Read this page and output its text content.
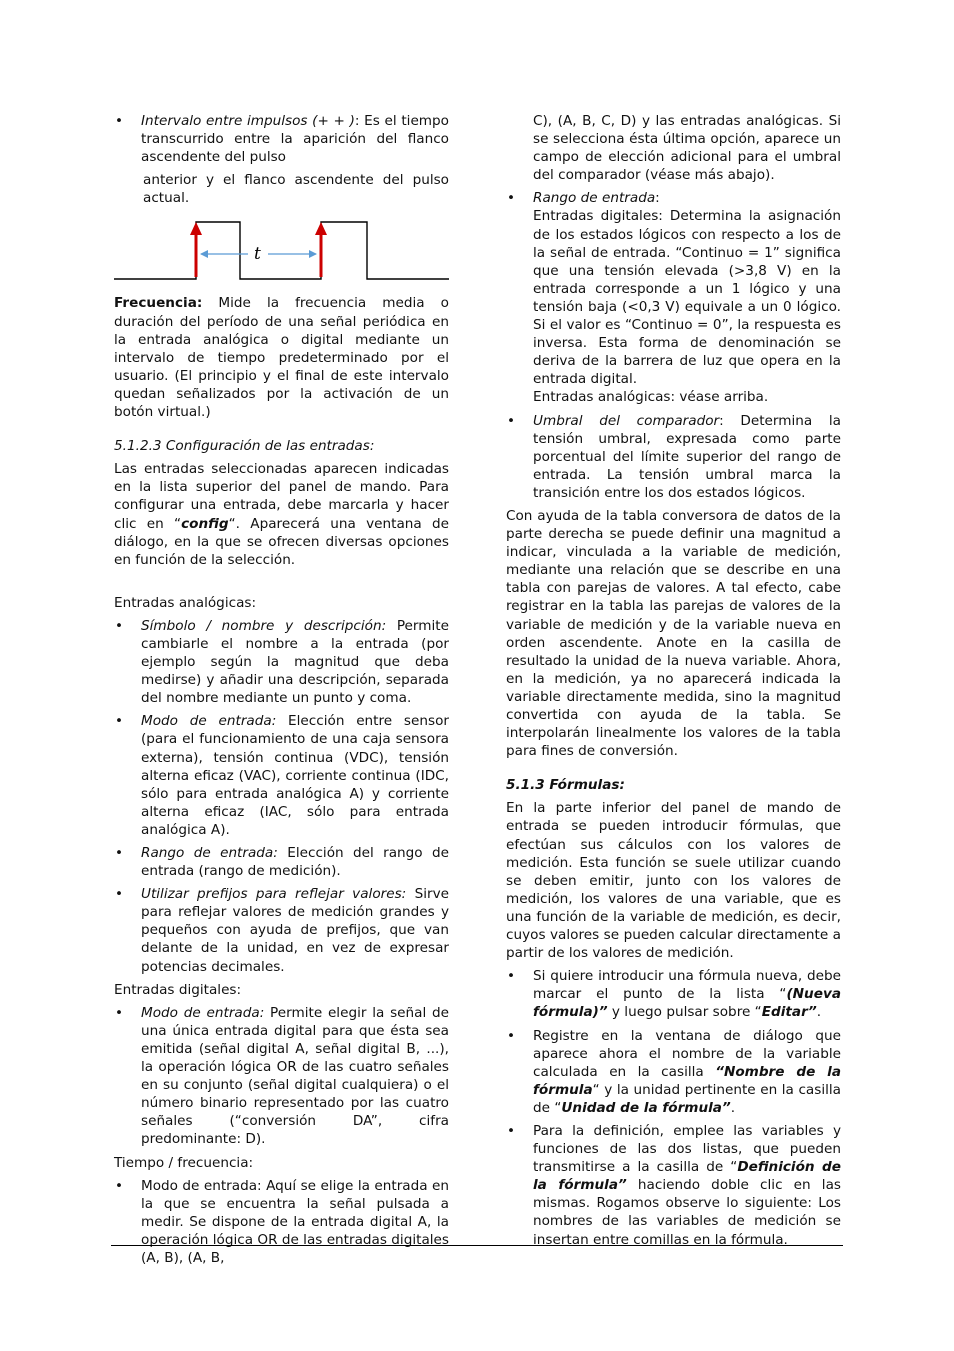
• Intervalo entre impulsos (+ + ): Es el tiempo transcurrido entre la aparición del flanco ascendente del pulso

anterior y el flanco ascendente del pulso actual.

t

Frecuencia: Mide la frecuencia media o duración del período de una señal periódica en la entrada analógica o digital mediante un intervalo de tiempo predeterminado por el usuario. (El principio y el final de este intervalo quedan señalizados por la activación de un botón virtual.)

5.1.2.3 Configuración de las entradas:

Las entradas seleccionadas aparecen indicadas en la lista superior del panel de mando. Para configurar una entrada, debe marcarla y hacer clic en “config“. Aparecerá una ventana de diálogo, en la que se ofrecen diversas opciones en función de la selección.

Entradas analógicas:

• Símbolo / nombre y descripción: Permite cambiarle el nombre a la entrada (por ejemplo según la magnitud que deba medirse) y añadir una descripción, separada del nombre mediante un punto y coma.
• Modo de entrada: Elección entre sensor (para el funcionamiento de una caja sensora externa), tensión continua (VDC), tensión alterna eficaz (VAC), corriente continua (IDC, sólo para entrada analógica A) y corriente alterna eficaz (IAC, sólo para entrada analógica A).
• Rango de entrada: Elección del rango de entrada (rango de medición).
• Utilizar prefijos para reflejar valores: Sirve para reflejar valores de medición grandes y pequeños con ayuda de prefijos, que van delante de la unidad, en vez de expresar potencias decimales.

Entradas digitales:

• Modo de entrada: Permite elegir la señal de una única entrada digital para que ésta sea emitida (señal digital A, señal digital B, ...), la operación lógica OR de las cuatro señales en su conjunto (señal digital cualquiera) o el número binario representado por las cuatro señales (“conversión DA”, cifra predominante: D).

Tiempo / frecuencia:

• Modo de entrada: Aquí se elige la entrada en la que se encuentra la señal pulsada a medir. Se dispone de la entrada digital A, la operación lógica OR de las entradas digitales (A, B), (A, B,

C), (A, B, C, D) y las entradas analógicas. Si se selecciona ésta última opción, aparece un campo de elección adicional para el umbral del comparador (véase más abajo).

• Rango de entrada:
Entradas digitales: Determina la asignación de los estados lógicos con respecto a los de la señal de entrada. “Continuo = 1” significa que una tensión elevada (>3,8 V) en la entrada corresponde a un 1 lógico y una tensión baja (<0,3 V) equivale a un 0 lógico. Si el valor es “Continuo = 0”, la respuesta es inversa. Esta forma de denominación se deriva de la barrera de luz que opera en la entrada digital.
Entradas analógicas: véase arriba.
• Umbral del comparador: Determina la tensión umbral, expresada como parte porcentual del límite superior del rango de entrada. La tensión umbral marca la transición entre los dos estados lógicos.

Con ayuda de la tabla conversora de datos de la parte derecha se puede definir una magnitud a indicar, vinculada a la variable de medición, mediante una relación que se describe en una tabla con parejas de valores. A tal efecto, cabe registrar en la tabla las parejas de valores de la variable de medición y de la variable nueva en orden ascendente. Anote en la casilla de resultado la unidad de la nueva variable. Ahora, en la medición, ya no aparecerá indicada la variable directamente medida, sino la magnitud convertida con ayuda de la tabla. Se interpolarán linealmente los valores de la tabla para fines de conversión.

5.1.3 Fórmulas:

En la parte inferior del panel de mando de entrada se pueden introducir fórmulas, que efectúan sus cálculos con los valores de medición. Esta función se suele utilizar cuando se deben emitir, junto con los valores de medición, los valores de una variable, que es una función de la variable de medición, es decir, cuyos valores se pueden calcular directamente a partir de los valores de medición.

• Si quiere introducir una fórmula nueva, debe marcar el punto de la lista “(Nueva fórmula)” y luego pulsar sobre “Editar”.
• Registre en la ventana de diálogo que aparece ahora el nombre de la variable calculada en la casilla “Nombre de la fórmula“ y la unidad pertinente en la casilla de “Unidad de la fórmula”.
• Para la definición, emplee las variables y funciones de las dos listas, que pueden transmitirse a la casilla de “Definición de la fórmula” haciendo doble clic en las mismas. Rogamos observe lo siguiente: Los nombres de las variables de medición se insertan entre comillas en la fórmula.
